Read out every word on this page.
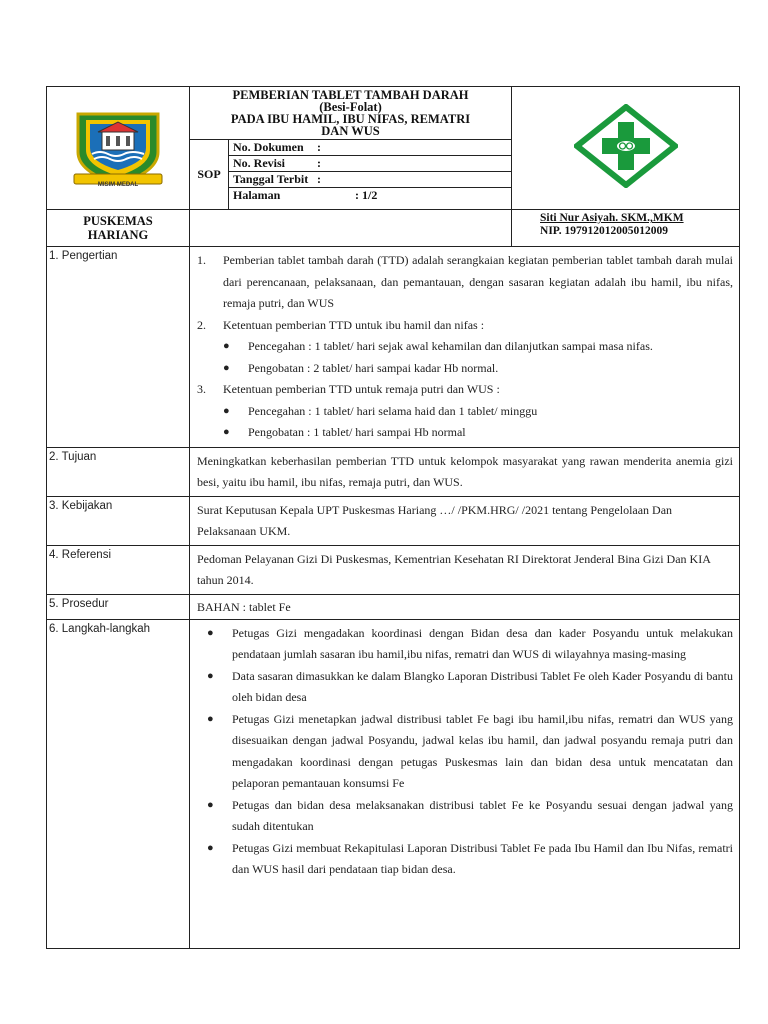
MISIM MEDAL

PEMBERIAN TABLET TAMBAH DARAH
(Besi-Folat)
PADA IBU HAMIL, IBU NIFAS, REMATRI
DAN WUS

SOP	
No. Dokumen :
No. Revisi	:
Tanggal Terbit :
Halaman	: 1/2

PUSKEMAS
HARIANG

Siti Nur Asiyah. SKM.,MKM
NIP. 197912012005012009

1. Pengertian	1.	Pemberian tablet tambah darah (TTD) adalah serangkaian kegiatan pemberian tablet tambah darah mulai dari perencanaan, pelaksanaan, dan pemantauan, dengan sasaran kegiatan adalah ibu hamil, ibu nifas, remaja putri, dan WUS
2.	Ketentuan pemberian TTD untuk ibu hamil dan nifas :
●	Pencegahan : 1 tablet/ hari sejak awal kehamilan dan dilanjutkan sampai masa nifas.
●	Pengobatan : 2 tablet/ hari sampai kadar Hb normal.
3.	Ketentuan pemberian TTD untuk remaja putri dan WUS :
●	Pencegahan : 1 tablet/ hari selama haid dan 1 tablet/ minggu
●	Pengobatan : 1 tablet/ hari sampai Hb normal

2. Tujuan	Meningkatkan keberhasilan pemberian TTD untuk kelompok masyarakat yang rawan menderita anemia gizi besi, yaitu ibu hamil, ibu nifas, remaja putri, dan WUS.
3. Kebijakan	Surat Keputusan Kepala UPT Puskesmas Hariang …/ /PKM.HRG/ /2021 tentang Pengelolaan Dan Pelaksanaan UKM.
4. Referensi	Pedoman Pelayanan Gizi Di Puskesmas, Kementrian Kesehatan RI Direktorat Jenderal Bina Gizi Dan KIA tahun 2014.
5. Prosedur	BAHAN : tablet Fe
6. Langkah-langkah	●	Petugas Gizi mengadakan koordinasi dengan Bidan desa dan kader Posyandu untuk melakukan pendataan jumlah sasaran ibu hamil,ibu nifas, rematri dan WUS di wilayahnya masing-masing
●	Data sasaran dimasukkan ke dalam Blangko Laporan Distribusi Tablet Fe oleh Kader Posyandu di bantu oleh bidan desa
●	Petugas Gizi menetapkan jadwal distribusi tablet Fe bagi ibu hamil,ibu nifas, rematri dan WUS yang disesuaikan dengan jadwal Posyandu, jadwal kelas ibu hamil, dan jadwal posyandu remaja putri dan mengadakan koordinasi dengan petugas Puskesmas lain dan bidan desa untuk mencatatan dan pelaporan pemantauan konsumsi Fe
●	Petugas dan bidan desa melaksanakan distribusi tablet Fe ke Posyandu sesuai dengan jadwal yang sudah ditentukan
●	Petugas Gizi membuat Rekapitulasi Laporan Distribusi Tablet Fe pada Ibu Hamil dan Ibu Nifas, rematri dan WUS hasil dari pendataan tiap bidan desa.
